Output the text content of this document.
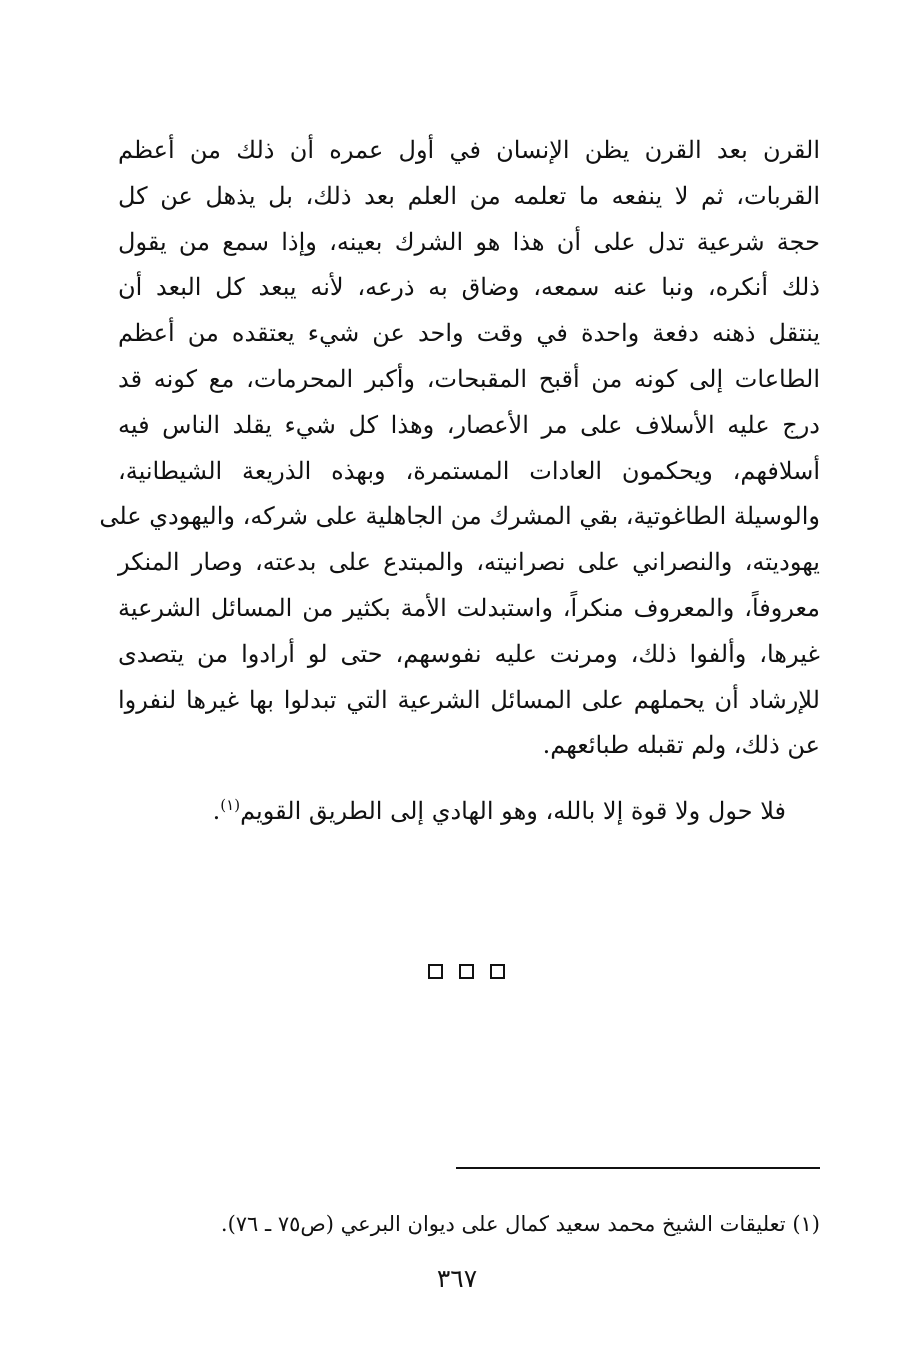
القرن بعد القرن يظن الإنسان في أول عمره أن ذلك من أعظم
القربات، ثم لا ينفعه ما تعلمه من العلم بعد ذلك، بل يذهل عن كل
حجة شرعية تدل على أن هذا هو الشرك بعينه، وإذا سمع من يقول
ذلك أنكره، ونبا عنه سمعه، وضاق به ذرعه، لأنه يبعد كل البعد أن
ينتقل ذهنه دفعة واحدة في وقت واحد عن شيء يعتقده من أعظم
الطاعات إلى كونه من أقبح المقبحات، وأكبر المحرمات، مع كونه قد
درج عليه الأسلاف على مر الأعصار، وهذا كل شيء يقلد الناس فيه
أسلافهم، ويحكمون العادات المستمرة، وبهذه الذريعة الشيطانية،
والوسيلة الطاغوتية، بقي المشرك من الجاهلية على شركه، واليهودي على
يهوديته، والنصراني على نصرانيته، والمبتدع على بدعته، وصار المنكر
معروفاً، والمعروف منكراً، واستبدلت الأمة بكثير من المسائل الشرعية
غيرها، وألفوا ذلك، ومرنت عليه نفوسهم، حتى لو أرادوا من يتصدى
للإرشاد أن يحملهم على المسائل الشرعية التي تبدلوا بها غيرها لنفروا
عن ذلك، ولم تقبله طبائعهم.
فلا حول ولا قوة إلا بالله، وهو الهادي إلى الطريق القويم$^{(١)}$.
(١) تعليقات الشيخ محمد سعيد كمال على ديوان البرعي (ص٧٥ ـ ٧٦).
٣٦٧
